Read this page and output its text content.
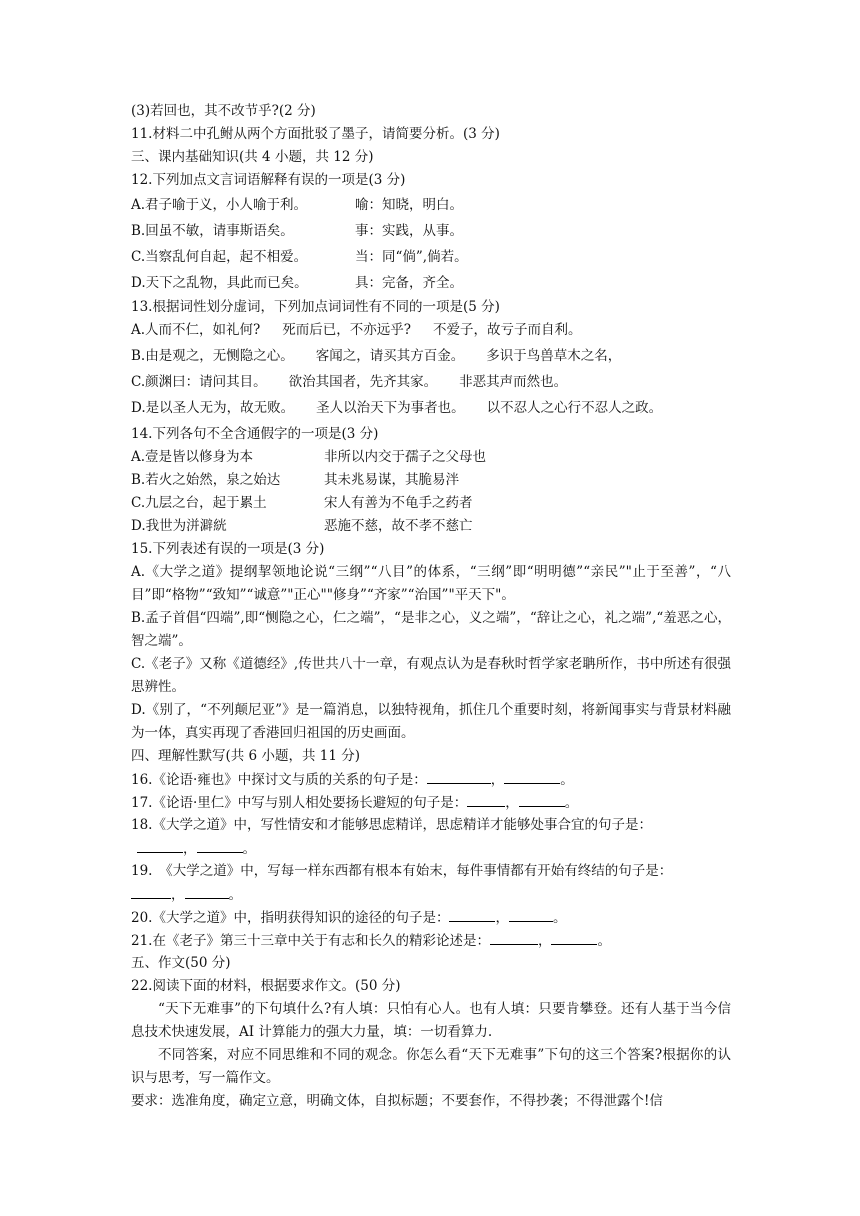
(3)若回也，其不改节乎?(2 分)
11.材料二中孔鲋从两个方面批驳了墨子，请简要分析。(3 分)
三、课内基础知识(共 4 小题，共 12 分)
12.下列加点文言词语解释有误的一项是(3 分)
A.君子喻于义，小人喻于利。	喻：知晓，明白。
B.回虽不敏，请事斯语矣。	事：实践，从事。
C.当察乱何自起，起不相爱。	当：同“倘”,倘若。
D.天下之乱物，具此而已矣。	具：完备，齐全。
13.根据词性划分虚词，下列加点词词性有不同的一项是(5 分)
A.人而不仁，如礼何? 死而后已，不亦远乎? 不爱子，故亏子而自利。
B.由是观之，无恻隐之心。 客闻之，请买其方百金。 多识于鸟兽草木之名，
C.颜渊曰：请问其目。 欲治其国者，先齐其家。 非恶其声而然也。
D.是以圣人无为，故无败。 圣人以治天下为事者也。 以不忍人之心行不忍人之政。
14.下列各句不全含通假字的一项是(3 分)
A.壹是皆以修身为本	非所以内交于孺子之父母也
B.若火之始然，泉之始达	其未兆易谋，其脆易泮
C.九层之台，起于累土	宋人有善为不龟手之药者
D.我世为洴澼絖	恶施不慈，故不孝不慈亡
15.下列表述有误的一项是(3 分)
A.《大学之道》提纲挈领地论说“三纲”“八目”的体系，“三纲”即“明明德”“亲民”"止于至善”，“八目”即“格物”“致知”“诚意”"正心""修身”“齐家”“治国”"平天下"。
B.孟子首倡“四端”,即“恻隐之心，仁之端”，“是非之心，义之端”，“辞让之心，礼之端”,“羞恶之心，智之端”。
C.《老子》又称《道德经》,传世共八十一章，有观点认为是春秋时哲学家老聃所作，书中所述有很强思辨性。
D.《别了，“不列颠尼亚”》是一篇消息，以独特视角，抓住几个重要时刻，将新闻事实与背景材料融为一体，真实再现了香港回归祖国的历史画面。
四、理解性默写(共 6 小题，共 11 分)
16.《论语·雍也》中探讨文与质的关系的句子是：	，	。
17.《论语·里仁》中写与别人相处要扬长避短的句子是：	，	。
18.《大学之道》中，写性情安和才能够思虑精详，思虑精详才能够处事合宜的句子是：
，	。
19.　《大学之道》中，写每一样东西都有根本有始末，每件事情都有开始有终结的句子是：
，	。
20.《大学之道》中，指明获得知识的途径的句子是：	，	。
21.在《老子》第三十三章中关于有志和长久的精彩论述是：	，	。
五、作文(50 分)
22.阅读下面的材料，根据要求作文。(50 分)
“天下无难事”的下句填什么?有人填：只怕有心人。也有人填：只要肯攀登。还有人基于当今信息技术快速发展，AI 计算能力的强大力量，填：一切看算力.
不同答案，对应不同思维和不同的观念。你怎么看“天下无难事”下句的这三个答案?根据你的认识与思考，写一篇作文。
要求：选准角度，确定立意，明确文体，自拟标题；不要套作，不得抄袭；不得泄露个!信
